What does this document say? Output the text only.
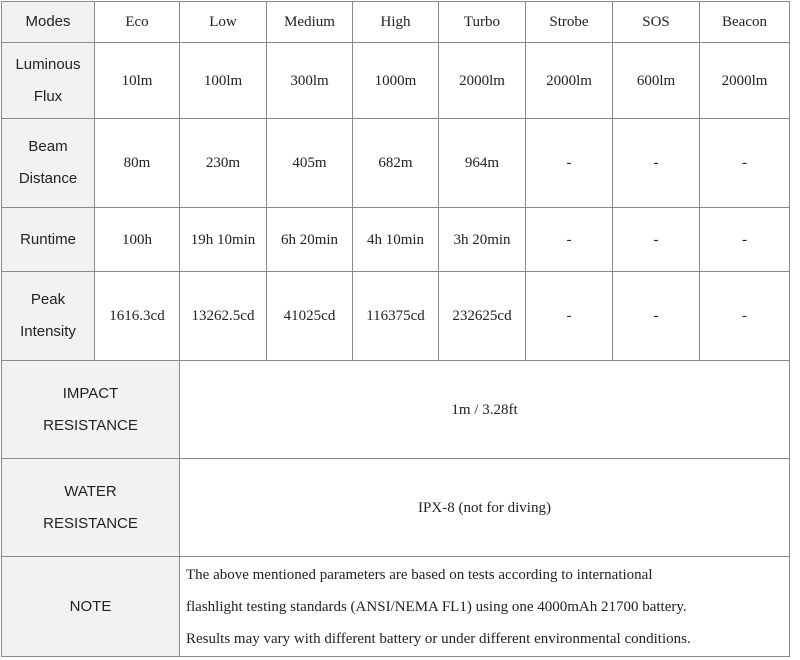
Modes	Eco	Low	Medium	High	Turbo	Strobe	SOS	Beacon

Luminous
Flux	10lm	100lm	300lm	1000m	2000lm	2000lm	600lm	2000lm

Beam
Distance	80m	230m	405m	682m	964m	-	-	-
Runtime	100h	19h 10min	6h 20min	4h 10min	3h 20min	-	-	-

Peak
Intensity	1616.3cd	13262.5cd	41025cd	116375cd	232625cd	-	-	-

IMPACT
RESISTANCE		1m / 3.28ft						

WATER
RESISTANCE		IPX-8 (not for diving)						
NOTE		The above mentioned parameters are based on tests according to international
flashlight testing standards (ANSI/NEMA FL1) using one 4000mAh 21700 battery.
Results may vary with different battery or under different environmental conditions.						
